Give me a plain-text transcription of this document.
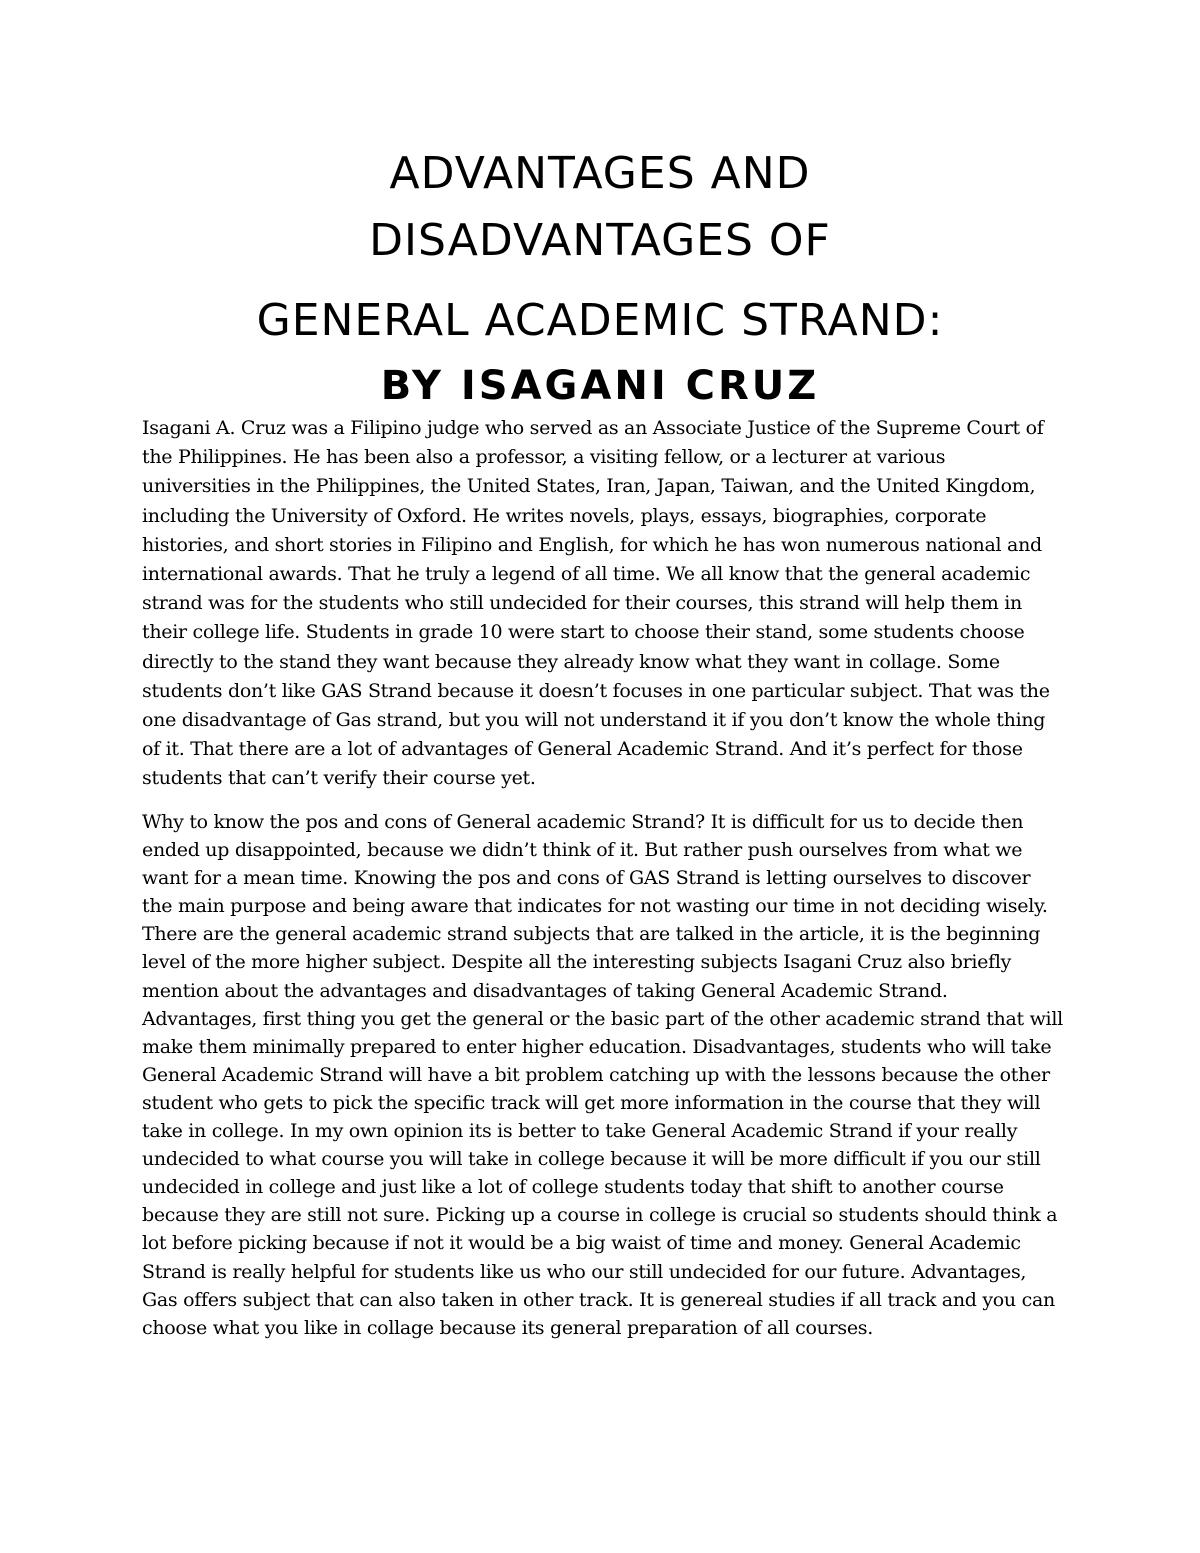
ADVANTAGES AND
DISADVANTAGES OF
GENERAL ACADEMIC STRAND:
BY ISAGANI CRUZ

Isagani A. Cruz was a Filipino judge who served as an Associate Justice of the Supreme Court of
the Philippines. He has been also a professor, a visiting fellow, or a lecturer at various
universities in the Philippines, the United States, Iran, Japan, Taiwan, and the United Kingdom,
including the University of Oxford. He writes novels, plays, essays, biographies, corporate
histories, and short stories in Filipino and English, for which he has won numerous national and
international awards. That he truly a legend of all time. We all know that the general academic
strand was for the students who still undecided for their courses, this strand will help them in
their college life. Students in grade 10 were start to choose their stand, some students choose
directly to the stand they want because they already know what they want in collage. Some
students don’t like GAS Strand because it doesn’t focuses in one particular subject. That was the
one disadvantage of Gas strand, but you will not understand it if you don’t know the whole thing
of it. That there are a lot of advantages of General Academic Strand. And it’s perfect for those
students that can’t verify their course yet.

Why to know the pos and cons of General academic Strand? It is difficult for us to decide then
ended up disappointed, because we didn’t think of it. But rather push ourselves from what we
want for a mean time. Knowing the pos and cons of GAS Strand is letting ourselves to discover
the main purpose and being aware that indicates for not wasting our time in not deciding wisely.
There are the general academic strand subjects that are talked in the article, it is the beginning
level of the more higher subject. Despite all the interesting subjects Isagani Cruz also briefly
mention about the advantages and disadvantages of taking General Academic Strand.
Advantages, first thing you get the general or the basic part of the other academic strand that will
make them minimally prepared to enter higher education. Disadvantages, students who will take
General Academic Strand will have a bit problem catching up with the lessons because the other
student who gets to pick the specific track will get more information in the course that they will
take in college. In my own opinion its is better to take General Academic Strand if your really
undecided to what course you will take in college because it will be more difficult if you our still
undecided in college and just like a lot of college students today that shift to another course
because they are still not sure. Picking up a course in college is crucial so students should think a
lot before picking because if not it would be a big waist of time and money. General Academic
Strand is really helpful for students like us who our still undecided for our future. Advantages,
Gas offers subject that can also taken in other track. It is genereal studies if all track and you can
choose what you like in collage because its general preparation of all courses.
